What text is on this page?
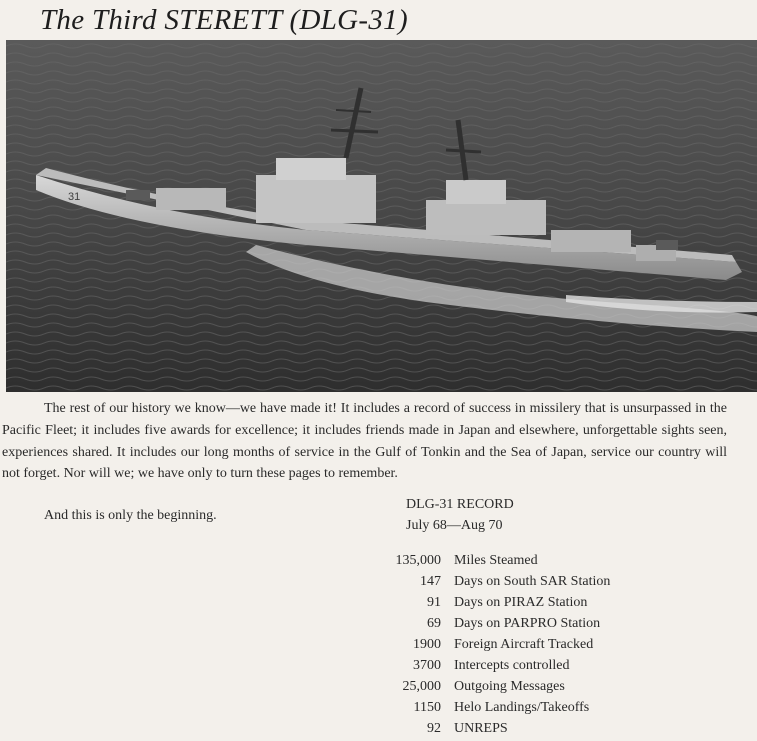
The Third STERETT (DLG-31)
31

The rest of our history we know—we have made it! It includes a record of success in missilery that is unsurpassed in the Pacific Fleet; it includes five awards for excellence; it includes friends made in Japan and elsewhere, unforgettable sights seen, experiences shared. It includes our long months of service in the Gulf of Tonkin and the Sea of Japan, service our country will not forget. Nor will we; we have only to turn these pages to remember.

And this is only the beginning.
DLG-31 RECORD
July 68—Aug 70
135,000 Miles Steamed
147 Days on South SAR Station
91 Days on PIRAZ Station
69 Days on PARPRO Station
1900 Foreign Aircraft Tracked
3700 Intercepts controlled
25,000 Outgoing Messages
1150 Helo Landings/Takeoffs
92 UNREPS
